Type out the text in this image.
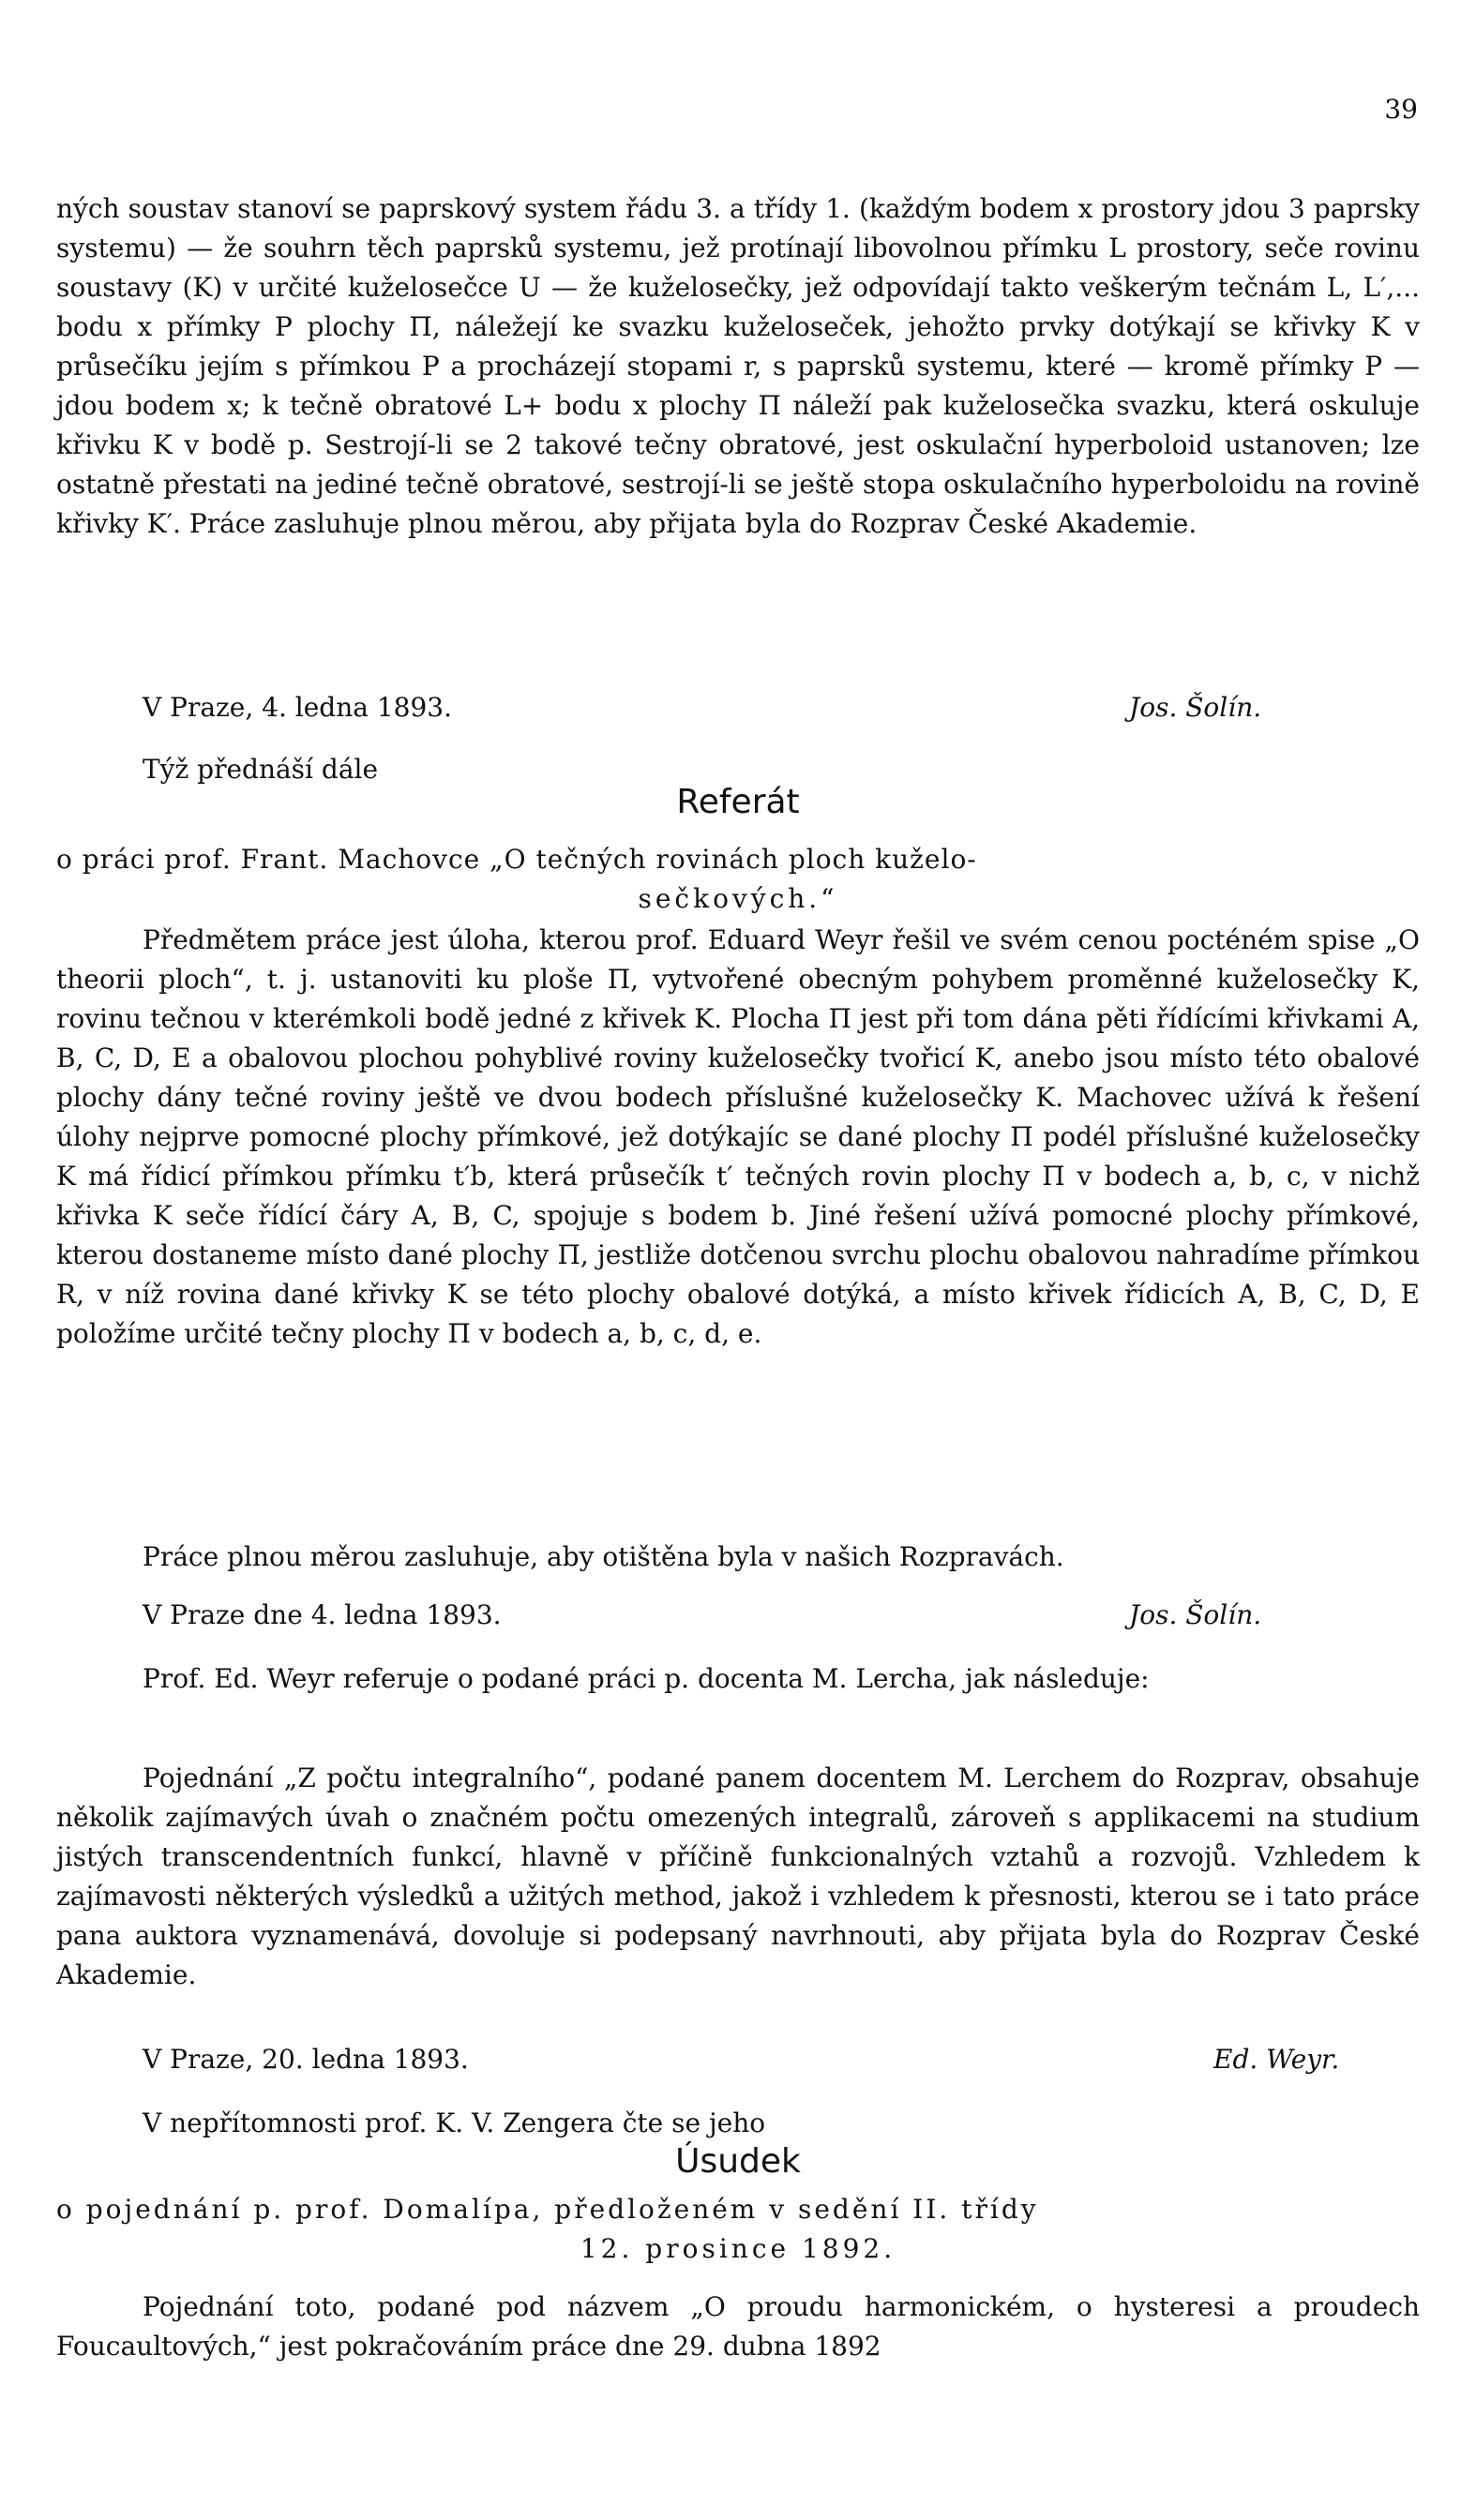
39

ných soustav stanoví se paprskový system řádu 3. a třídy 1. (každým bodem x prostory jdou 3 paprsky systemu) — že souhrn těch paprsků systemu, jež protínají libovolnou přímku L prostory, seče rovinu soustavy (K) v určité kuželosečce U — že kuželosečky, jež odpovídají takto veškerým tečnám L, L′,... bodu x přímky P plochy Π, náležejí ke svazku kuželoseček, jehožto prvky dotýkají se křivky K v průsečíku jejím s přímkou P a procházejí stopami r, s paprsků systemu, které — kromě přímky P — jdou bodem x; k tečně obratové L+ bodu x plochy Π náleží pak kuželosečka svazku, která oskuluje křivku K v bodě p. Sestrojí-li se 2 takové tečny obratové, jest oskulační hyperboloid ustanoven; lze ostatně přestati na jediné tečně obratové, sestrojí-li se ještě stopa oskulačního hyperboloidu na rovině křivky K′. Práce zasluhuje plnou měrou, aby přijata byla do Rozprav České Akademie.

V Praze, 4. ledna 1893.	Jos. Šolín.
Týž přednáší dále
Referát
o práci prof. Frant. Machovce „O tečných rovinách ploch kuželo-
sečkových.“

Předmětem práce jest úloha, kterou prof. Eduard Weyr řešil ve svém cenou pocténém spise „O theorii ploch“, t. j. ustanoviti ku ploše Π, vytvořené obecným pohybem proměnné kuželosečky K, rovinu tečnou v kterémkoli bodě jedné z křivek K. Plocha Π jest při tom dána pěti řídícími křivkami A, B, C, D, E a obalovou plochou pohyblivé roviny kuželosečky tvořicí K, anebo jsou místo této obalové plochy dány tečné roviny ještě ve dvou bodech příslušné kuželosečky K. Machovec užívá k řešení úlohy nejprve pomocné plochy přímkové, jež dotýkajíc se dané plochy Π podél příslušné kuželosečky K má řídicí přímkou přímku t′b, která průsečík t′ tečných rovin plochy Π v bodech a, b, c, v nichž křivka K seče řídící čáry A, B, C, spojuje s bodem b. Jiné řešení užívá pomocné plochy přímkové, kterou dostaneme místo dané plochy Π, jestliže dotčenou svrchu plochu obalovou nahradíme přímkou R, v níž rovina dané křivky K se této plochy obalové dotýká, a místo křivek řídicích A, B, C, D, E položíme určité tečny plochy Π v bodech a, b, c, d, e.

Práce plnou měrou zasluhuje, aby otištěna byla v našich Rozpravách.

V Praze dne 4. ledna 1893.	Jos. Šolín.

Prof. Ed. Weyr referuje o podané práci p. docenta M. Lercha, jak následuje:

Pojednání „Z počtu integralního“, podané panem docentem M. Lerchem do Rozprav, obsahuje několik zajímavých úvah o značném počtu omezených integralů, zároveň s applikacemi na studium jistých transcendentních funkcí, hlavně v příčině funkcionalných vztahů a rozvojů. Vzhledem k zajímavosti některých výsledků a užitých method, jakož i vzhledem k přesnosti, kterou se i tato práce pana auktora vyznamenává, dovoluje si podepsaný navrhnouti, aby přijata byla do Rozprav České Akademie.

V Praze, 20. ledna 1893.	Ed. Weyr.
V nepřítomnosti prof. K. V. Zengera čte se jeho
Úsudek
o pojednání p. prof. Domalípa, předloženém v sedění II. třídy
12. prosince 1892.

Pojednání toto, podané pod názvem „O proudu harmonickém, o hysteresi a proudech Foucaultových,“ jest pokračováním práce dne 29. dubna 1892
